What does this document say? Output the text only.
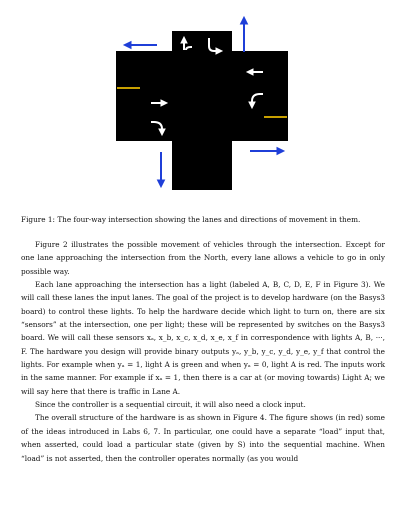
Figure 1: The four-way intersection showing the lanes and directions of movement in them.

Figure 2 illustrates the possible movement of vehicles through the intersection. Except for one lane approaching the intersection from the North, every lane allows a vehicle to go in only possible way.

Each lane approaching the intersection has a light (labeled A, B, C, D, E, F in Figure 3). We will call these lanes the input lanes. The goal of the project is to develop hardware (on the Basys3 board) to control these lights. To help the hardware decide which light to turn on, there are six “sensors” at the intersection, one per light; these will be represented by switches on the Basys3 board. We will call these sensors xₐ, x_b, x_c, x_d, x_e, x_f in correspondence with lights A, B, ···, F. The hardware you design will provide binary outputs yₐ, y_b, y_c, y_d, y_e, y_f that control the lights. For example when yₐ = 1, light A is green and when yₐ = 0, light A is red. The inputs work in the same manner. For example if xₐ = 1, then there is a car at (or moving towards) Light A; we will say here that there is traffic in Lane A.

Since the controller is a sequential circuit, it will also need a clock input.

The overall structure of the hardware is as shown in Figure 4. The figure shows (in red) some of the ideas introduced in Labs 6, 7. In particular, one could have a separate “load” input that, when asserted, could load a particular state (given by S) into the sequential machine. When “load” is not asserted, then the controller operates normally (as you would
